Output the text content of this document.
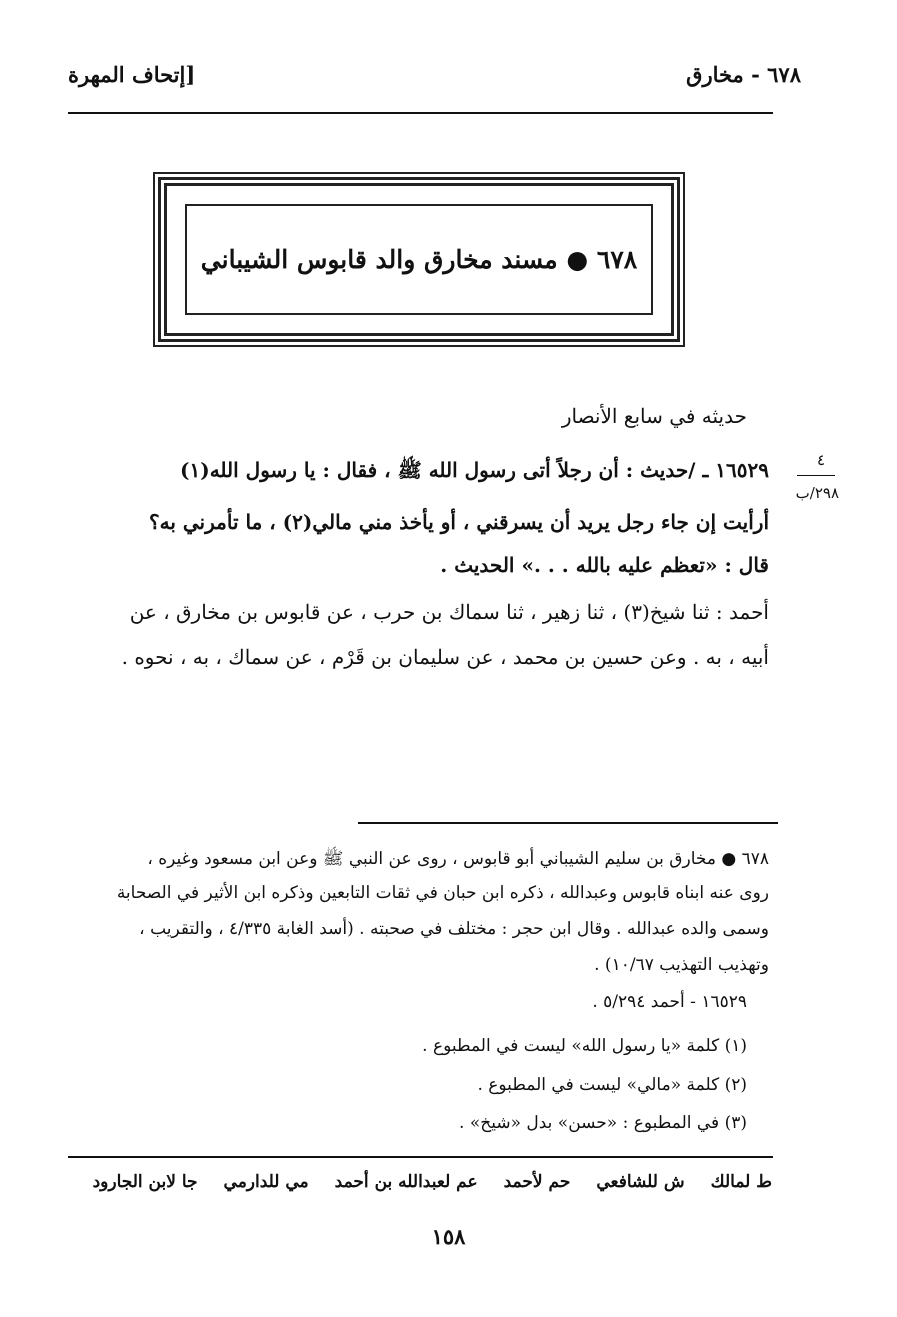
٦٧٨ - مخارق
[إتحاف المهرة
٦٧٨ ● مسند مخارق والد قابوس الشيباني
حديثه في سابع الأنصار
٤
٢٩٨/ب
١٦٥٢٩ ـ /حديث : أن رجلاً أتى رسول الله ﷺ ، فقال : يا رسول الله(١)
أرأيت إن جاء رجل يريد أن يسرقني ، أو يأخذ مني مالي(٢) ، ما تأمرني به؟
قال : «تعظم عليه بالله . . .» الحديث .
أحمد : ثنا شيخ(٣) ، ثنا زهير ، ثنا سماك بن حرب ، عن قابوس بن مخارق ، عن
أبيه ، به . وعن حسين بن محمد ، عن سليمان بن قَرْم ، عن سماك ، به ، نحوه .
٦٧٨ ● مخارق بن سليم الشيباني أبو قابوس ، روى عن النبي ﷺ وعن ابن مسعود وغيره ،
روى عنه ابناه قابوس وعبدالله ، ذكره ابن حبان في ثقات التابعين وذكره ابن الأثير في الصحابة
وسمى والده عبدالله . وقال ابن حجر : مختلف في صحبته . (أسد الغابة ٤/٣٣٥ ، والتقريب ،
وتهذيب التهذيب ١٠/٦٧) .
١٦٥٢٩ - أحمد ٥/٢٩٤ .
(١) كلمة «يا رسول الله» ليست في المطبوع .
(٢) كلمة «مالي» ليست في المطبوع .
(٣) في المطبوع : «حسن» بدل «شيخ» .
ط لمالك
ش للشافعي
حم لأحمد
عم لعبدالله بن أحمد
مي للدارمي
جا لابن الجارود
١٥٨
